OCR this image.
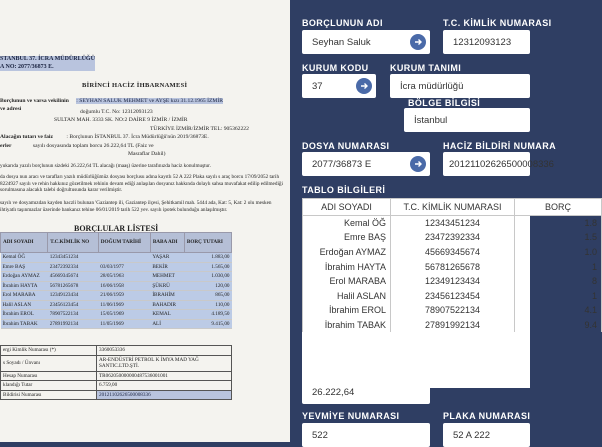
STANBUL 37. İCRA MÜDÜRLÜĞÜ
A NO: 2077/36873 E.
BİRİNCİ HACİZ İHBARNAMESİ
Borçlunun ve varsa vekilinin : SEYHAN SALUK MEHMET ve AYŞE kızı 31.12.1965 İZMİR
ve adresi	doğumlu T.C. No: 12312093123
SULTAN MAH. 3333 SK. NO:2 DAİRE 9 İZMİR / İZMİR
TÜRKİYE İZMİR/İZMİR TEL: 905362222
Alacağın tutarı ve faiz : Borçlunun İSTANBUL 37. İcra Müdürlüğü'nün 2019/36873E.
erler	sayılı dosyasında toplam borcu 26.222,64 TL (Faiz ve
Masraflar Dahil)
yukarıda yazılı borçlunun sizdeki 26.222,64 TL alacağı (maaş) üzerine tarafınızda haciz konulmuştur.
da dosya nun aracı ve tarafları yazılı müdürlüğümüz dosyası borçlusu adına kayıtlı 52 A 222 Plaka sayılı s araç borcu 17/09/2052 tarih 8224927 sayılı ve rehin hakkınız gözetilmek rehinin devam ediği anlaşılan dosyanız hakkında dolaylı sahsa muvafakat edilip edilmediği sorulmasına alacaklı talebi doğrultusunda karar verilmiştir.
sayılı ve dosyamızdan kayden haczli bulunan 'Gaziantep ili, Gaziantep ilçesi, Şehitkamil mah. 5444 ada, Kat: 5, Kat: 2 olu mesken ihtiyatlı taşınmazlar üzerinde bankanız tehine 06/01/2019 tarih 522 yev. sayılı ipotek bulunduğu anlaşılmıştır.
BORÇLULAR LİSTESİ
ADI SOYADI	T.C.KİMLİK NO	DOĞUM TARİHİ	BABA ADI	BORÇ TUTARI
Kemal ÖĞ	12343451234		YAŞAR	1.883,00
Emre BAŞ	23472392334	03/03/1977	BEKİR	1.565,00
Erdoğan AYMAZ	45669345674	28/05/1963	MEHMET	1.030,00
İbrahim HAYTA	56781265678	16/06/1958	ŞÜKRÜ	120,00
Erol MARABA	12349123434	21/06/1959	İBRAHİM	865,00
Halil ASLAN	23456123454	11/06/1969	BAHADIR	110,00
İbrahim EROL	78907522134	15/05/1969	KEMAL	4.189,50
İbrahim TABAK	27891992134	11/05/1969	ALİ	9.415,00
ergi Kimlik Numarası (*)	3360053336
s Soyadı / Ünvanı	AR-ENDÜSTRİ PETROL K İMYA MAD YAĞ SANTIC.LTD.ŞTİ.
Hesap Numarası	TR062050000000487536001001
klandığı Tutar	6.759,00
Bildirisi Numarası	20121102626500008336
BORÇLUNUN ADI
Seyhan Saluk
T.C. KİMLİK NUMARASI
12312093123
KURUM KODU
37
KURUM TANIMI
İcra müdürlüğü
BÖLGE BİLGİSİ
İstanbul
DOSYA NUMARASI
2077/36873 E
HACİZ BİLDİRİ NUMARA
20121102626500008336
TABLO BİLGİLERİ
ADI SOYADI	T.C. KİMLİK NUMARASI	BORÇ
Kemal ÖĞ	12343451234	1.8
Emre BAŞ	23472392334	1.5
Erdoğan AYMAZ	45669345674	1.0
İbrahim HAYTA	56781265678	1
Erol MARABA	12349123434	8
Halil ASLAN	23456123454	1
İbrahim EROL	78907522134	4.1
İbrahim TABAK	27891992134	9.4
BORÇ MİKTARI
26.222,64
YEVMİYE NUMARASI
522
PLAKA NUMARASI
52 A 222
